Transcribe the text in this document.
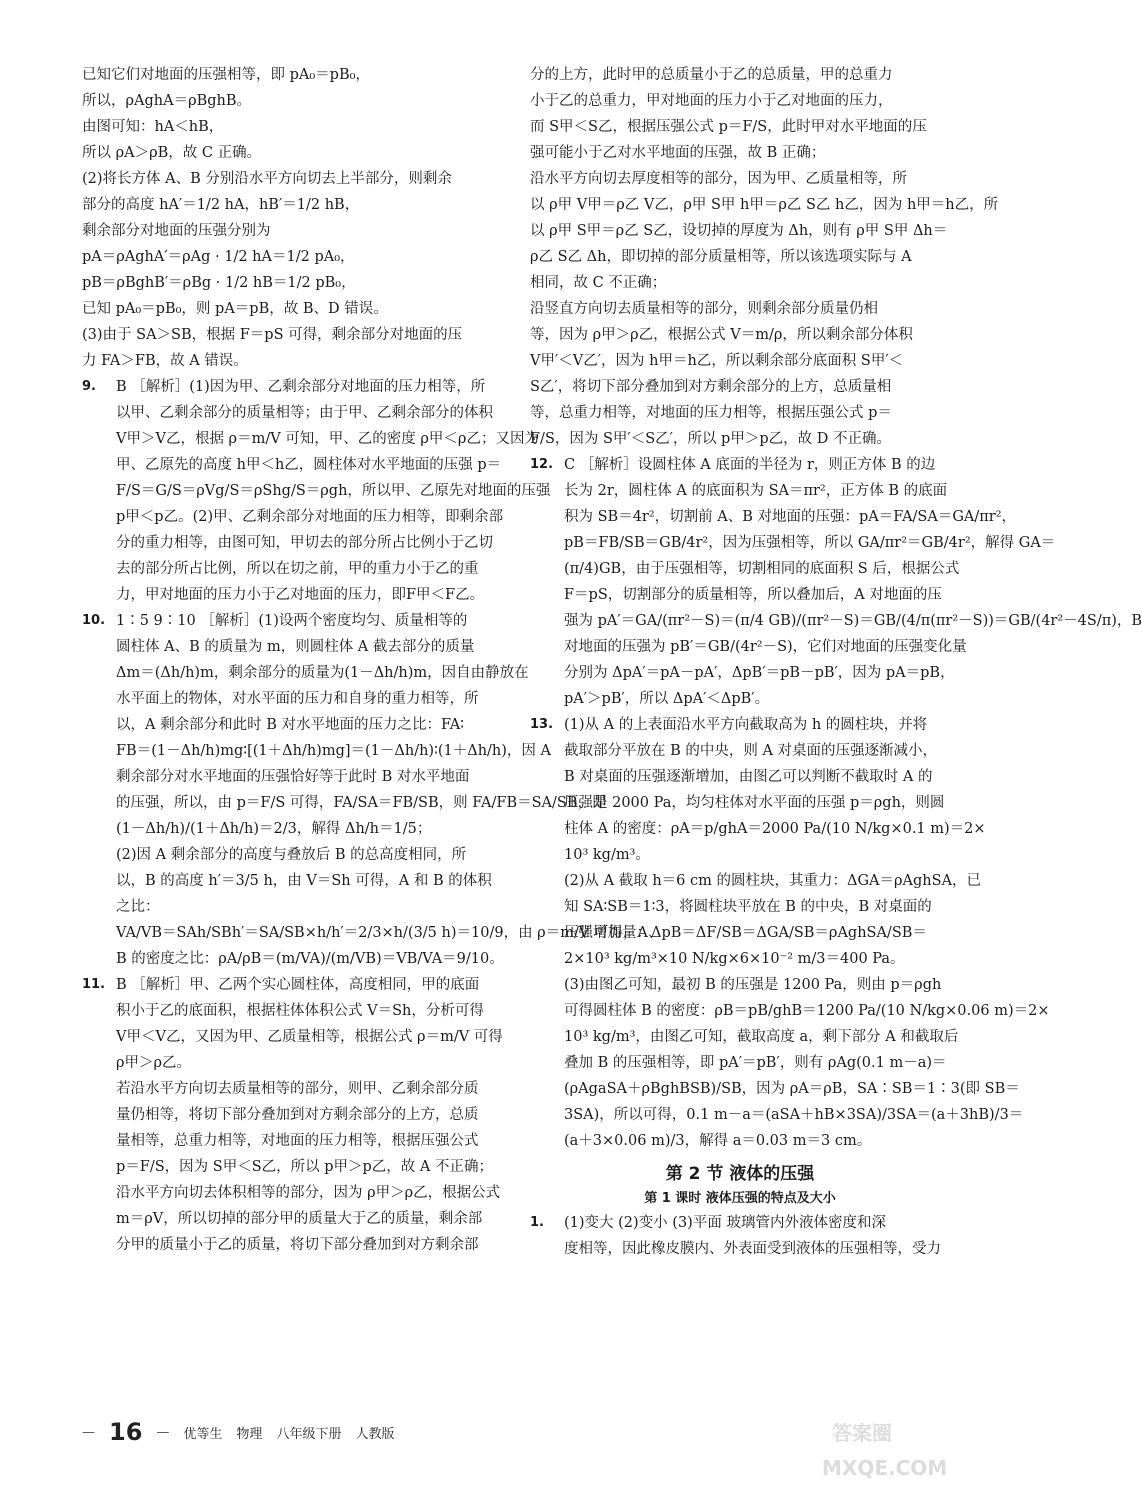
已知它们对地面的压强相等，即 pA₀＝pB₀，
所以，ρAghA＝ρBghB。
由图可知：hA＜hB，
所以 ρA＞ρB，故 C 正确。
(2)将长方体 A、B 分别沿水平方向切去上半部分，则剩余
部分的高度 hA′＝1/2 hA，hB′＝1/2 hB，
剩余部分对地面的压强分别为
pA＝ρAghA′＝ρAg · 1/2 hA＝1/2 pA₀，
pB＝ρBghB′＝ρBg · 1/2 hB＝1/2 pB₀，
已知 pA₀＝pB₀，则 pA＝pB，故 B、D 错误。
(3)由于 SA＞SB，根据 F＝pS 可得，剩余部分对地面的压
力 FA＞FB，故 A 错误。
9.	B ［解析］(1)因为甲、乙剩余部分对地面的压力相等，所
以甲、乙剩余部分的质量相等；由于甲、乙剩余部分的体积
V甲＞V乙，根据 ρ＝m/V 可知，甲、乙的密度 ρ甲＜ρ乙；又因为
甲、乙原先的高度 h甲＜h乙，圆柱体对水平地面的压强 p＝
F/S＝G/S＝ρVg/S＝ρShg/S＝ρgh，所以甲、乙原先对地面的压强
p甲＜p乙。(2)甲、乙剩余部分对地面的压力相等，即剩余部
分的重力相等，由图可知，甲切去的部分所占比例小于乙切
去的部分所占比例，所以在切之前，甲的重力小于乙的重
力，甲对地面的压力小于乙对地面的压力，即F甲＜F乙。
10. 1∶5 9∶10 ［解析］(1)设两个密度均匀、质量相等的
圆柱体 A、B 的质量为 m，则圆柱体 A 截去部分的质量
Δm＝(Δh/h)m，剩余部分的质量为(1－Δh/h)m，因自由静放在
水平面上的物体，对水平面的压力和自身的重力相等，所
以，A 剩余部分和此时 B 对水平地面的压力之比：FA∶
FB＝(1－Δh/h)mg∶[(1＋Δh/h)mg]＝(1－Δh/h)∶(1＋Δh/h)，因 A
剩余部分对水平地面的压强恰好等于此时 B 对水平地面
的压强，所以，由 p＝F/S 可得，FA/SA＝FB/SB，则 FA/FB＝SA/SB，即
(1－Δh/h)/(1＋Δh/h)＝2/3，解得 Δh/h＝1/5；
(2)因 A 剩余部分的高度与叠放后 B 的总高度相同，所
以，B 的高度 h′＝3/5 h，由 V＝Sh 可得，A 和 B 的体积
之比：
VA/VB＝SAh/SBh′＝SA/SB×h/h′＝2/3×h/(3/5 h)＝10/9，由 ρ＝m/V 可得，A、
B 的密度之比：ρA/ρB＝(m/VA)/(m/VB)＝VB/VA＝9/10。
11. B ［解析］甲、乙两个实心圆柱体，高度相同，甲的底面
积小于乙的底面积，根据柱体体积公式 V＝Sh，分析可得
V甲＜V乙，又因为甲、乙质量相等，根据公式 ρ＝m/V 可得
ρ甲＞ρ乙。
若沿水平方向切去质量相等的部分，则甲、乙剩余部分质
量仍相等，将切下部分叠加到对方剩余部分的上方，总质
量相等，总重力相等，对地面的压力相等，根据压强公式
p＝F/S，因为 S甲＜S乙，所以 p甲＞p乙，故 A 不正确；
沿水平方向切去体积相等的部分，因为 ρ甲＞ρ乙，根据公式
m＝ρV，所以切掉的部分甲的质量大于乙的质量，剩余部
分甲的质量小于乙的质量，将切下部分叠加到对方剩余部
分的上方，此时甲的总质量小于乙的总质量，甲的总重力
小于乙的总重力，甲对地面的压力小于乙对地面的压力，
而 S甲＜S乙，根据压强公式 p＝F/S，此时甲对水平地面的压
强可能小于乙对水平地面的压强，故 B 正确；
沿水平方向切去厚度相等的部分，因为甲、乙质量相等，所
以 ρ甲 V甲＝ρ乙 V乙，ρ甲 S甲 h甲＝ρ乙 S乙 h乙，因为 h甲＝h乙，所
以 ρ甲 S甲＝ρ乙 S乙，设切掉的厚度为 Δh，则有 ρ甲 S甲 Δh＝
ρ乙 S乙 Δh，即切掉的部分质量相等，所以该选项实际与 A
相同，故 C 不正确；
沿竖直方向切去质量相等的部分，则剩余部分质量仍相
等，因为 ρ甲＞ρ乙，根据公式 V＝m/ρ，所以剩余部分体积
V甲′＜V乙′，因为 h甲＝h乙，所以剩余部分底面积 S甲′＜
S乙′，将切下部分叠加到对方剩余部分的上方，总质量相
等，总重力相等，对地面的压力相等，根据压强公式 p＝
F/S，因为 S甲′＜S乙′，所以 p甲＞p乙，故 D 不正确。
12. C ［解析］设圆柱体 A 底面的半径为 r，则正方体 B 的边
长为 2r，圆柱体 A 的底面积为 SA＝πr²，正方体 B 的底面
积为 SB＝4r²，切割前 A、B 对地面的压强：pA＝FA/SA＝GA/πr²，
pB＝FB/SB＝GB/4r²，因为压强相等，所以 GA/πr²＝GB/4r²，解得 GA＝
(π/4)GB，由于压强相等，切割相同的底面积 S 后，根据公式
F＝pS，切割部分的质量相等，所以叠加后，A 对地面的压
强为 pA′＝GA/(πr²－S)＝(π/4 GB)/(πr²－S)＝GB/(4/π(πr²－S))＝GB/(4r²－4S/π)，B
对地面的压强为 pB′＝GB/(4r²－S)，它们对地面的压强变化量
分别为 ΔpA′＝pA－pA′，ΔpB′＝pB－pB′，因为 pA＝pB，
pA′＞pB′，所以 ΔpA′＜ΔpB′。
13. (1)从 A 的上表面沿水平方向截取高为 h 的圆柱块，并将
截取部分平放在 B 的中央，则 A 对桌面的压强逐渐减小，
B 对桌面的压强逐渐增加，由图乙可以判断不截取时 A 的
压强是 2000 Pa，均匀柱体对水平面的压强 p＝ρgh，则圆
柱体 A 的密度：ρA＝p/ghA＝2000 Pa/(10 N/kg×0.1 m)＝2×
10³ kg/m³。
(2)从 A 截取 h＝6 cm 的圆柱块，其重力：ΔGA＝ρAghSA，已
知 SA∶SB＝1∶3，将圆柱块平放在 B 的中央，B 对桌面的
压强增加量：ΔpB＝ΔF/SB＝ΔGA/SB＝ρAghSA/SB＝
2×10³ kg/m³×10 N/kg×6×10⁻² m/3＝400 Pa。
(3)由图乙可知，最初 B 的压强是 1200 Pa，则由 p＝ρgh
可得圆柱体 B 的密度：ρB＝pB/ghB＝1200 Pa/(10 N/kg×0.06 m)＝2×
10³ kg/m³，由图乙可知，截取高度 a，剩下部分 A 和截取后
叠加 B 的压强相等，即 pA′＝pB′，则有 ρAg(0.1 m－a)＝
(ρAgaSA＋ρBghBSB)/SB，因为 ρA＝ρB，SA∶SB＝1∶3(即 SB＝
3SA)，所以可得，0.1 m－a＝(aSA＋hB×3SA)/3SA＝(a＋3hB)/3＝
(a＋3×0.06 m)/3，解得 a＝0.03 m＝3 cm。
第 2 节 液体的压强
第 1 课时 液体压强的特点及大小
1.	(1)变大 (2)变小 (3)平面 玻璃管内外液体密度和深
度相等，因此橡皮膜内、外表面受到液体的压强相等，受力
— 16 — 优等生 物理 八年级下册 人教版	答案圈
MXQE.COM
